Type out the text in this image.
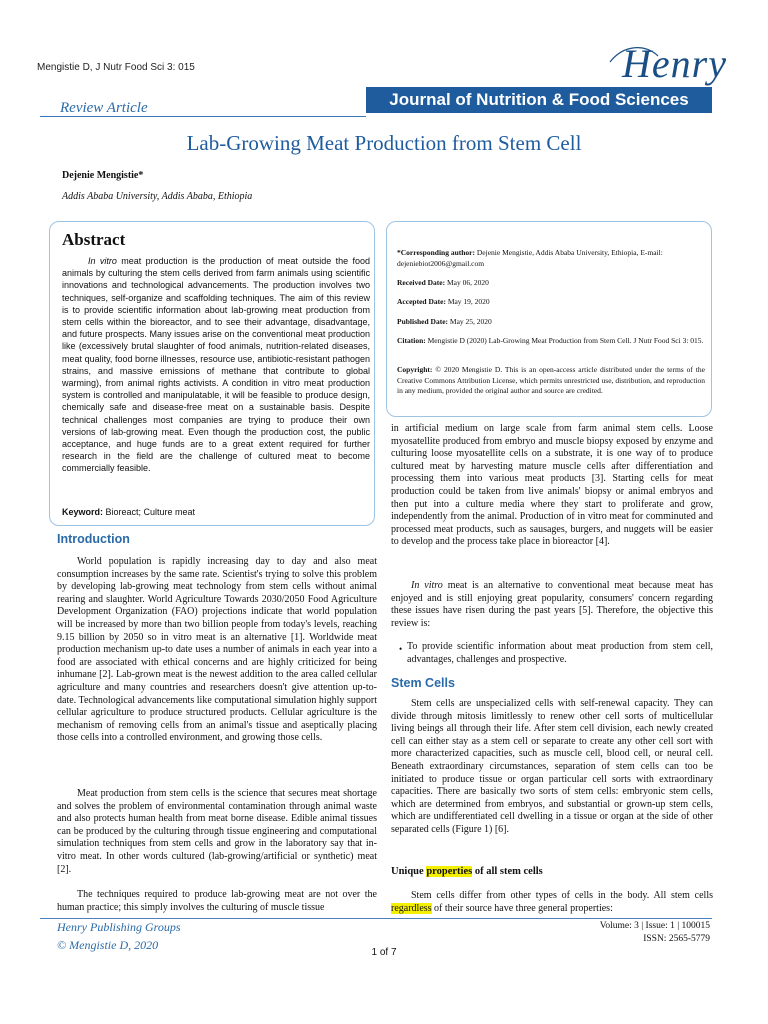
Mengistie D, J Nutr Food Sci 3: 015	Henry
Review Article	Journal of Nutrition & Food Sciences
Lab-Growing Meat Production from Stem Cell
Dejenie Mengistie*
Addis Ababa University, Addis Ababa, Ethiopia
Abstract
In vitro meat production is the production of meat outside the food animals by culturing the stem cells derived from farm animals using scientific innovations and technological advancements. The production involves two techniques, self-organize and scaffolding techniques. The aim of this review is to provide scientific information about lab-growing meat production from stem cells within the bioreactor, and to see their advantage, disadvantage, and future prospects. Many issues arise on the conventional meat production like (excessively brutal slaughter of food animals, nutrition-related diseases, meat quality, food borne illnesses, resource use, antibiotic-resistant pathogen strains, and massive emissions of methane that contribute to global warming), from animal rights activists. A condition in vitro meat production system is controlled and manipulatable, it will be feasible to produce design, chemically safe and disease-free meat on a sustainable basis. Despite technical challenges most companies are trying to produce their own versions of lab-growing meat. Even though the production cost, the public acceptance, and huge funds are to a great extent required for further research in the field are the challenge of cultured meat to become commercially feasible.
Keyword: Bioreact; Culture meat
*Corresponding author: Dejenie Mengistie, Addis Ababa University, Ethiopia, E-mail: dejeniebiot2006@gmail.com
Received Date: May 06, 2020
Accepted Date: May 19, 2020
Published Date: May 25, 2020
Citation: Mengistie D (2020) Lab-Growing Meat Production from Stem Cell. J Nutr Food Sci 3: 015.
Copyright: © 2020 Mengistie D. This is an open-access article distributed under the terms of the Creative Commons Attribution License, which permits unrestricted use, distribution, and reproduction in any medium, provided the original author and source are credited.
Introduction
World population is rapidly increasing day to day and also meat consumption increases by the same rate. Scientist's trying to solve this problem by developing lab-growing meat technology from stem cells without animal rearing and slaughter. World Agriculture Towards 2030/2050 Food Agriculture Development Organization (FAO) projections indicate that world population will be increased by more than two billion people from today's levels, reaching 9.15 billion by 2050 so in vitro meat is an alternative [1]. Worldwide meat production mechanism up-to date uses a number of animals in each year into a food are associated with ethical concerns and are highly criticized for being inhumane [2]. Lab-grown meat is the newest addition to the area called cellular agriculture and many countries and researchers doesn't give attention up-to-date. Technological advancements like computational simulation highly support cellular agriculture to produce structured products. Cellular agriculture is the mechanism of removing cells from an animal's tissue and aseptically placing those cells into a controlled environment, and growing those cells.
Meat production from stem cells is the science that secures meat shortage and solves the problem of environmental contamination through animal waste and also protects human health from meat borne disease. Edible animal tissues can be produced by the culturing through tissue engineering and computational simulation techniques from stem cells and grow in the laboratory say that in-vitro meat. In other words cultured (lab-growing/artificial or synthetic) meat [2].
The techniques required to produce lab-growing meat are not over the human practice; this simply involves the culturing of muscle tissue
in artificial medium on large scale from farm animal stem cells. Loose myosatellite produced from embryo and muscle biopsy exposed by enzyme and culturing loose myosatellite cells on a substrate, it is one way of to produce cultured meat by harvesting mature muscle cells after differentiation and processing them into various meat products [3]. Starting cells for meat production could be taken from live animals' biopsy or animal embryos and then put into a culture media where they start to proliferate and grow, independently from the animal. Production of in vitro meat for comminuted and processed meat products, such as sausages, burgers, and nuggets will be easier to develop and the process take place in bioreactor [4].
In vitro meat is an alternative to conventional meat because meat has enjoyed and is still enjoying great popularity, consumers' concern regarding these issues have risen during the past years [5]. Therefore, the objective this review is:
• To provide scientific information about meat production from stem cell, advantages, challenges and prospective.
Stem Cells
Stem cells are unspecialized cells with self-renewal capacity. They can divide through mitosis limitlessly to renew other cell sorts of multicellular living beings all through their life. After stem cell division, each newly created cell can either stay as a stem cell or separate to create any other cell sort with more characterized capacities, such as muscle cell, blood cell, or neural cell. Beneath extraordinary circumstances, separation of stem cells can too be initiated to produce tissue or organ particular cell sorts with extraordinary capacities. There are basically two sorts of stem cells: embryonic stem cells, which are determined from embryos, and substantial or grown-up stem cells, which are undifferentiated cell dwelling in a tissue or organ at the side of other separated cells (Figure 1) [6].
Unique properties of all stem cells
Stem cells differ from other types of cells in the body. All stem cells regardless of their source have three general properties:
Henry Publishing Groups
© Mengistie D, 2020
Volume: 3 | Issue: 1 | 100015
ISSN: 2565-5779
1 of 7
